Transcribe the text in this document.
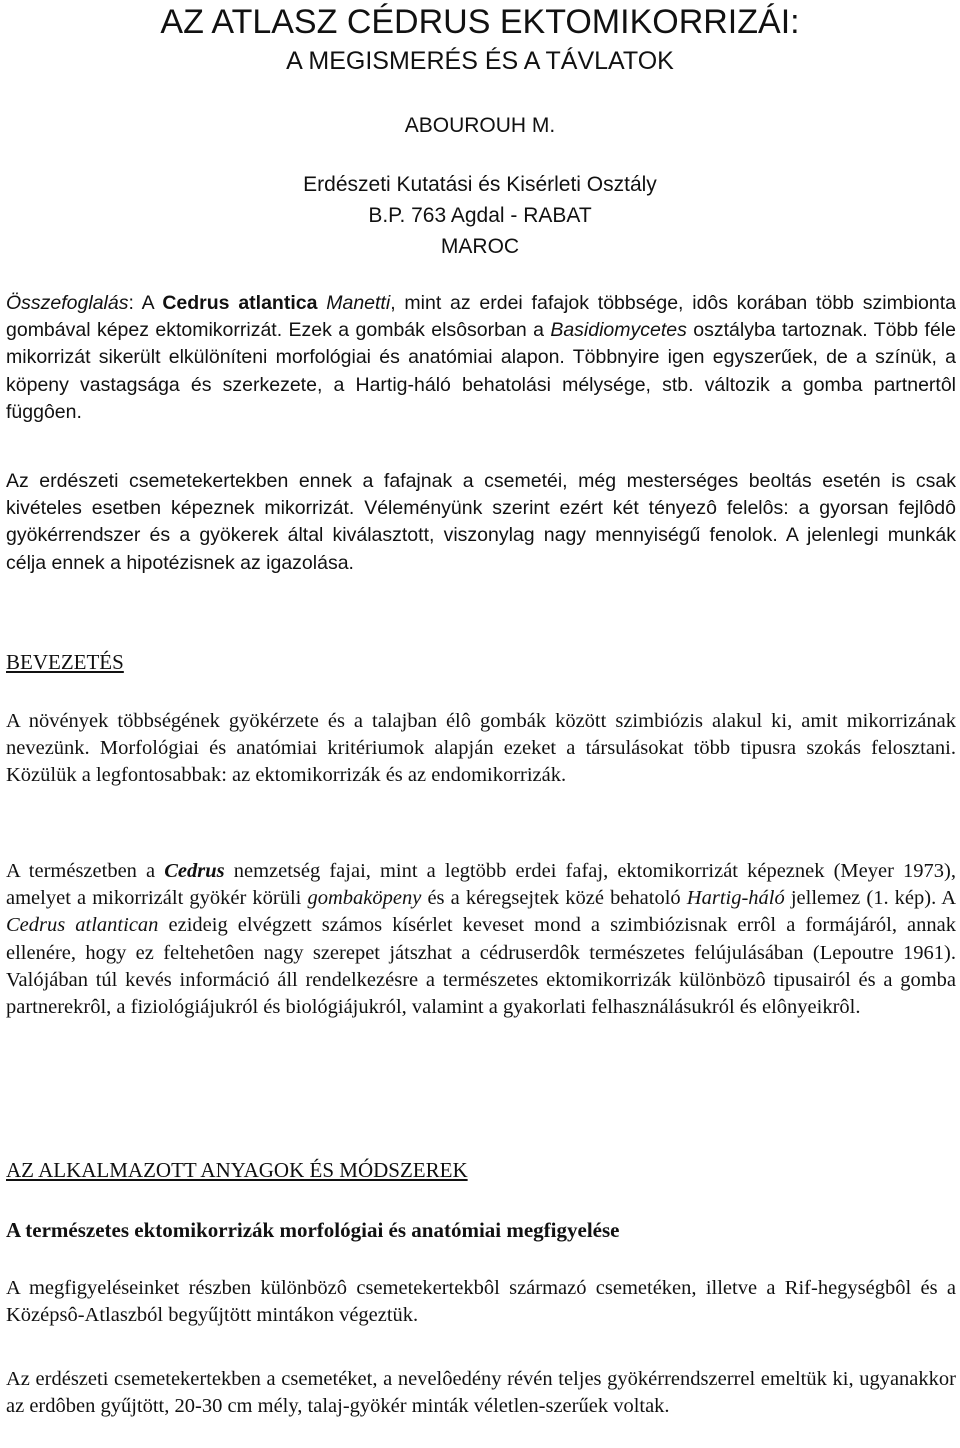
AZ ATLASZ CÉDRUS EKTOMIKORRIZÁI:
A MEGISMERÉS ÉS A TÁVLATOK
ABOUROUH M.
Erdészeti Kutatási és Kisérleti Osztály
B.P. 763 Agdal - RABAT
MAROC
Összefoglalás: A Cedrus atlantica Manetti, mint az erdei fafajok többsége, idôs korában több szimbionta gombával képez ektomikorrizát. Ezek a gombák elsôsorban a Basidiomycetes osztályba tartoznak. Több féle mikorrizát sikerült elkülöníteni morfológiai és anatómiai alapon. Többnyire igen egyszerűek, de a színük, a köpeny vastagsága és szerkezete, a Hartig-háló behatolási mélysége, stb. változik a gomba partnertôl függôen.
Az erdészeti csemetekertekben ennek a fafajnak a csemetéi, még mesterséges beoltás esetén is csak kivételes esetben képeznek mikorrizát. Véleményünk szerint ezért két tényezô felelôs: a gyorsan fejlôdô gyökérrendszer és a gyökerek által kiválasztott, viszonylag nagy mennyiségű fenolok. A jelenlegi munkák célja ennek a hipotézisnek az igazolása.
BEVEZETÉS
A növények többségének gyökérzete és a talajban élô gombák között szimbiózis alakul ki, amit mikorrizának nevezünk. Morfológiai és anatómiai kritériumok alapján ezeket a társulásokat több tipusra szokás felosztani. Közülük a legfontosabbak: az ektomikorrizák és az endomikorrizák.
A természetben a Cedrus nemzetség fajai, mint a legtöbb erdei fafaj, ektomikorrizát képeznek (Meyer 1973), amelyet a mikorrizált gyökér körüli gombaköpeny és a kéregsejtek közé behatoló Hartig-háló jellemez (1. kép). A Cedrus atlantican ezideig elvégzett számos kísérlet keveset mond a szimbiózisnak errôl a formájáról, annak ellenére, hogy ez feltehetôen nagy szerepet játszhat a cédruserdôk természetes felújulásában (Lepoutre 1961). Valójában túl kevés információ áll rendelkezésre a természetes ektomikorrizák különbözô tipusairól és a gomba partnerekrôl, a fiziológiájukról és biológiájukról, valamint a gyakorlati felhasználásukról és elônyeikrôl.
AZ ALKALMAZOTT ANYAGOK ÉS MÓDSZEREK
A természetes ektomikorrizák morfológiai és anatómiai megfigyelése
A megfigyeléseinket részben különbözô csemetekertekbôl származó csemetéken, illetve a Rif-hegységbôl és a Középsô-Atlaszból begyűjtött mintákon végeztük.
Az erdészeti csemetekertekben a csemetéket, a nevelôedény révén teljes gyökérrendszerrel emeltük ki, ugyanakkor az erdôben gyűjtött, 20-30 cm mély, talaj-gyökér minták véletlen-szerűek voltak.
